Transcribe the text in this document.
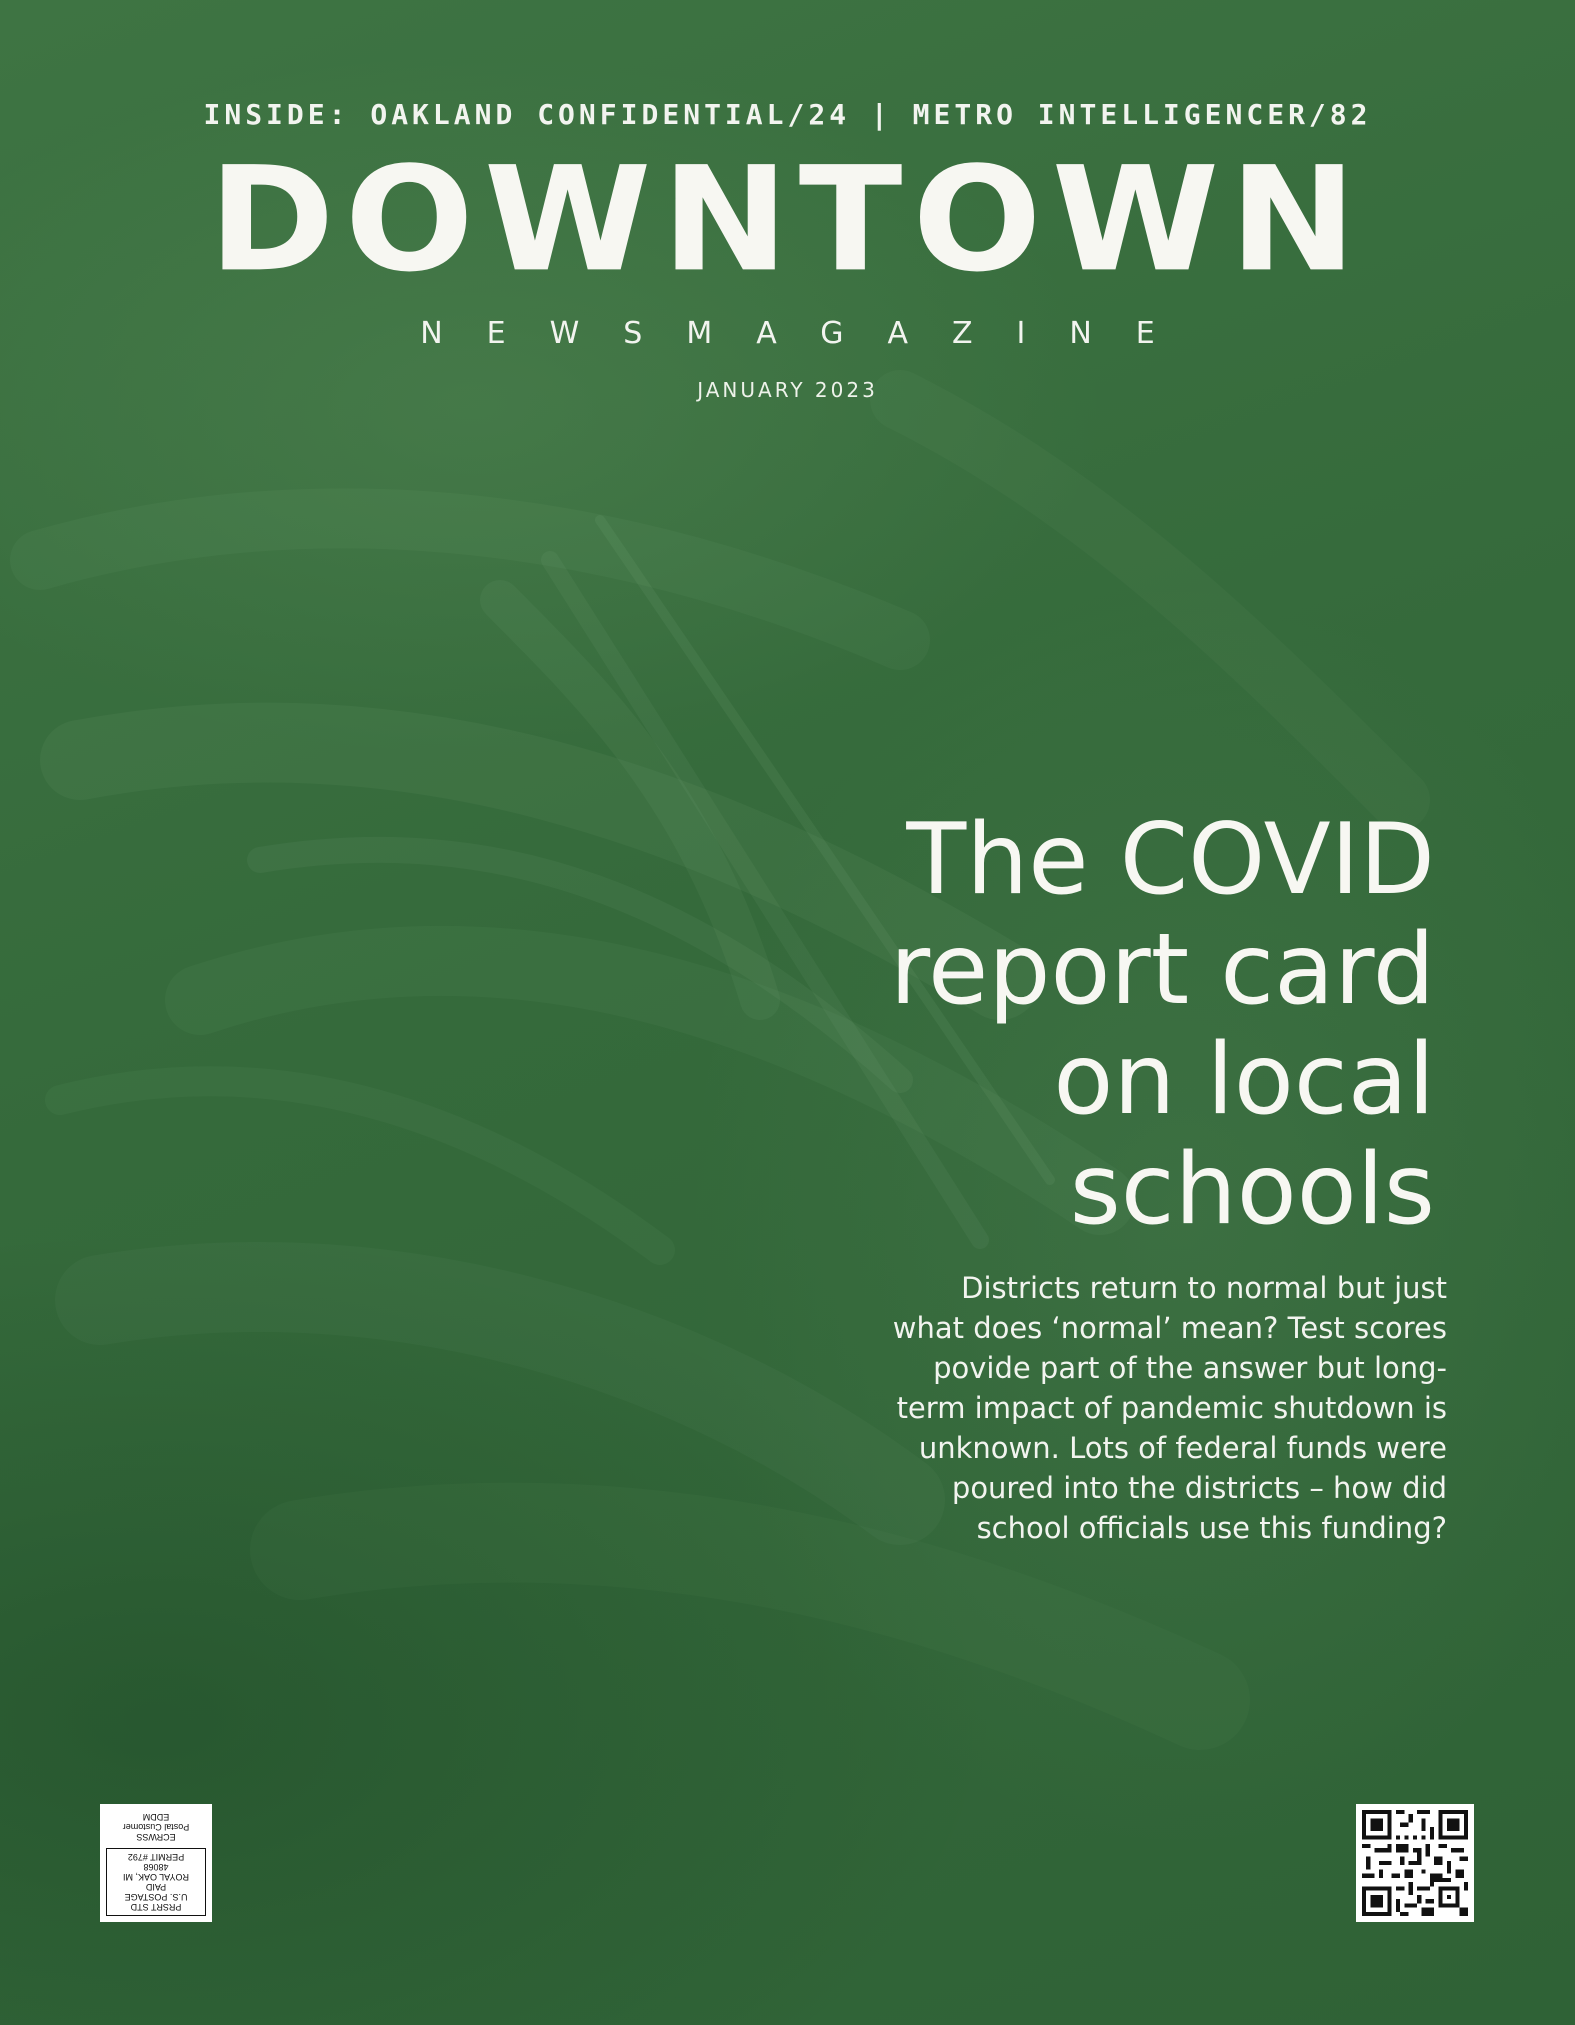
INSIDE: OAKLAND CONFIDENTIAL/24 | METRO INTELLIGENCER/82
DOWNTOWN
NEWSMAGAZINE
JANUARY 2023
The COVID
report card
on local
schools
Districts return to normal but just what does ‘normal’ mean? Test scores povide part of the answer but long-term impact of pandemic shutdown is unknown. Lots of federal funds were poured into the districts – how did school officials use this funding?
PRSRT STD
U.S. POSTAGE
PAID
ROYAL OAK, MI
48068
PERMIT #792
ECRWSS
Postal Customer
EDDM
